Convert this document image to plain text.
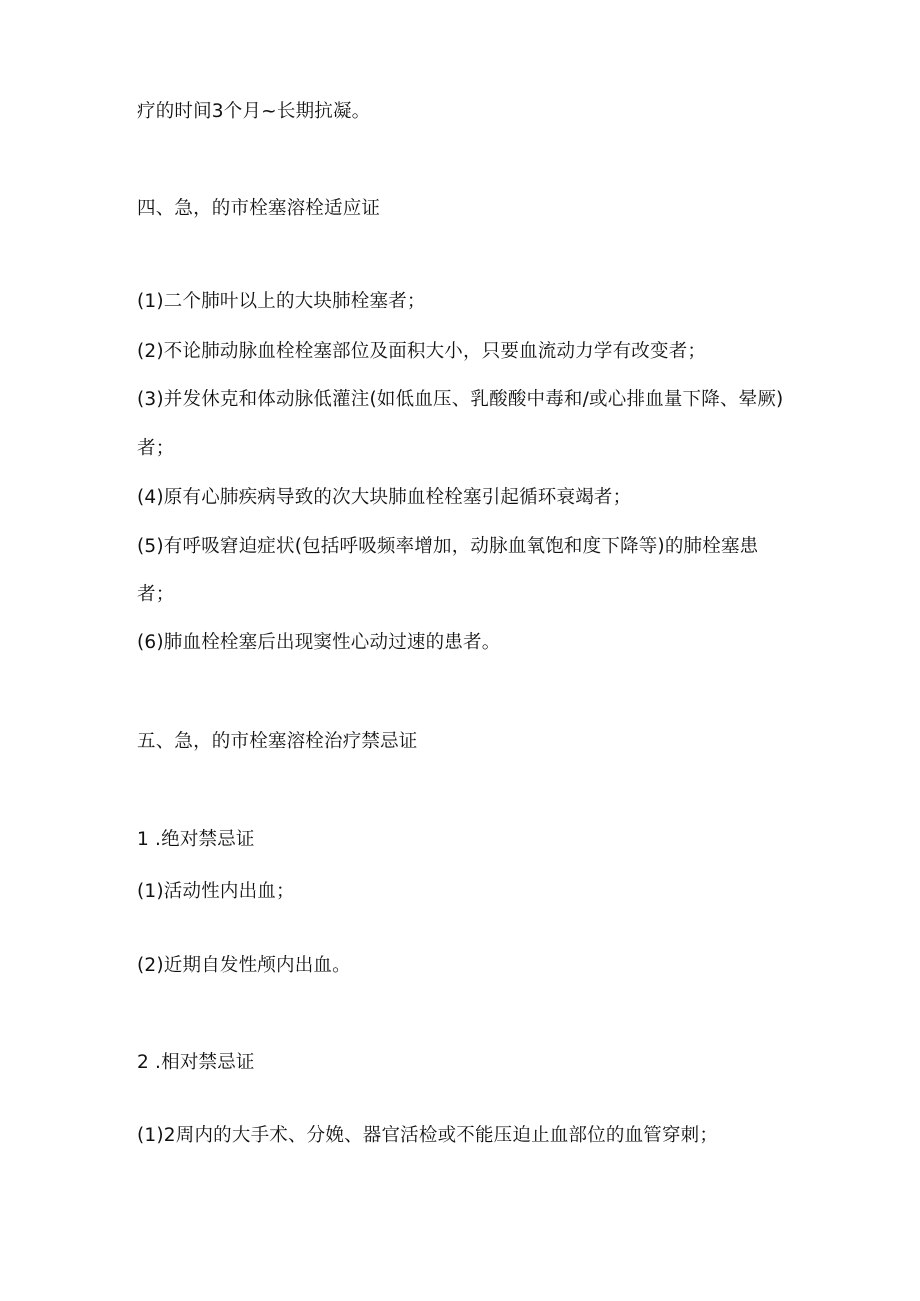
疗的时间3个月~长期抗凝。
四、急，的市栓塞溶栓适应证
(1)二个肺叶以上的大块肺栓塞者；
(2)不论肺动脉血栓栓塞部位及面积大小，只要血流动力学有改变者；
(3)并发休克和体动脉低灌注(如低血压、乳酸酸中毒和/或心排血量下降、晕厥)
者；
(4)原有心肺疾病导致的次大块肺血栓栓塞引起循环衰竭者；
(5)有呼吸窘迫症状(包括呼吸频率增加，动脉血氧饱和度下降等)的肺栓塞患
者；
(6)肺血栓栓塞后出现窦性心动过速的患者。
五、急，的市栓塞溶栓治疗禁忌证
1 .绝对禁忌证
(1)活动性内出血；
(2)近期自发性颅内出血。
2 .相对禁忌证
(1)2周内的大手术、分娩、器官活检或不能压迫止血部位的血管穿刺；
